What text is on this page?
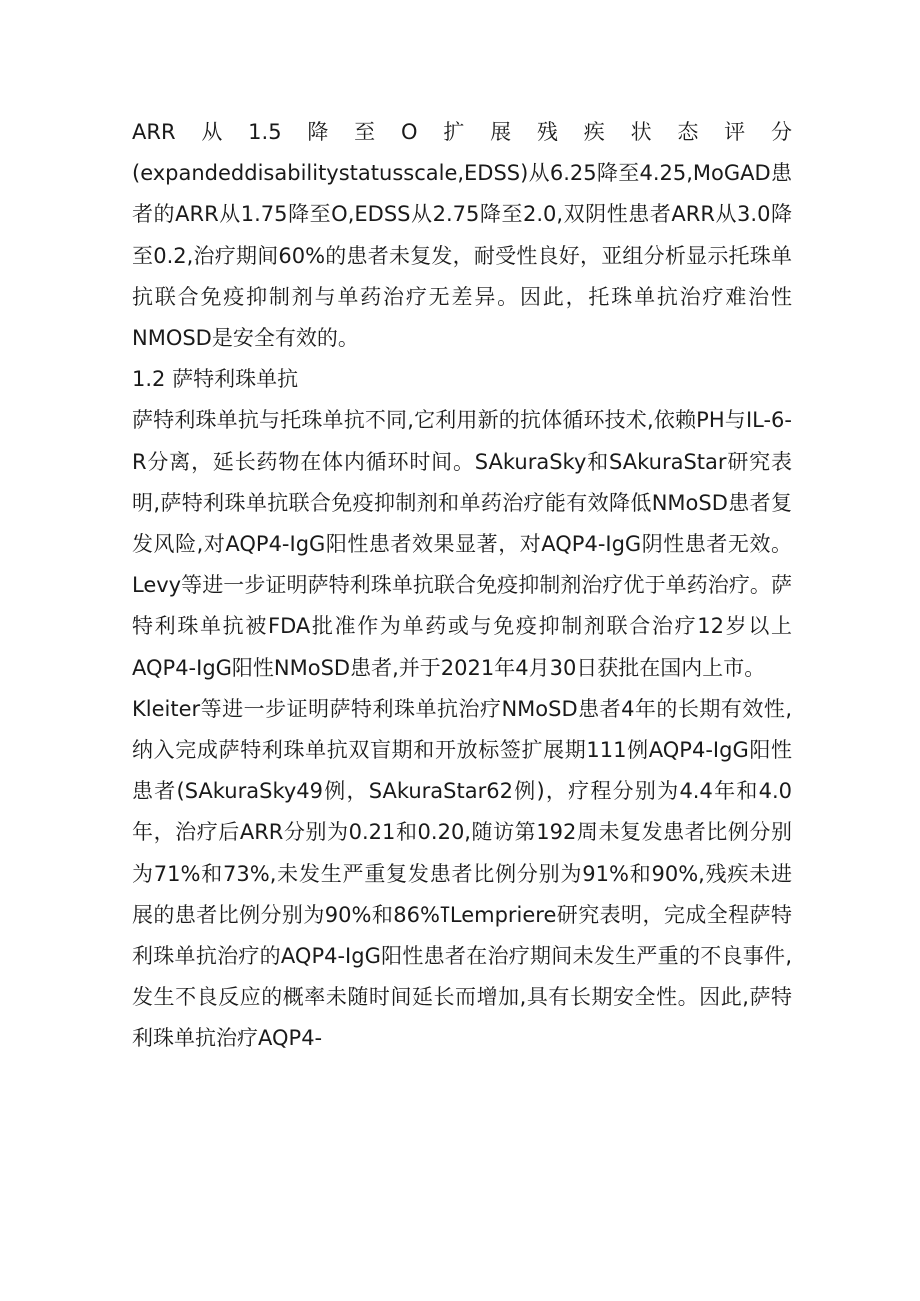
ARR从1.5降至O扩展残疾状态评分(expandeddisabilitystatusscale,EDSS)从6.25降至4.25,MoGAD患者的ARR从1.75降至O,EDSS从2.75降至2.0,双阴性患者ARR从3.0降至0.2,治疗期间60%的患者未复发，耐受性良好，亚组分析显示托珠单抗联合免疫抑制剂与单药治疗无差异。因此，托珠单抗治疗难治性NMOSD是安全有效的。

1.2 萨特利珠单抗

萨特利珠单抗与托珠单抗不同,它利用新的抗体循环技术,依赖PH与IL-6-R分离，延长药物在体内循环时间。SAkuraSky和SAkuraStar研究表明,萨特利珠单抗联合免疫抑制剂和单药治疗能有效降低NMoSD患者复发风险,对AQP4-IgG阳性患者效果显著，对AQP4-IgG阴性患者无效。Levy等进一步证明萨特利珠单抗联合免疫抑制剂治疗优于单药治疗。萨特利珠单抗被FDA批准作为单药或与免疫抑制剂联合治疗12岁以上AQP4-IgG阳性NMoSD患者,并于2021年4月30日获批在国内上市。

Kleiter等进一步证明萨特利珠单抗治疗NMoSD患者4年的长期有效性,纳入完成萨特利珠单抗双盲期和开放标签扩展期111例AQP4-IgG阳性患者(SAkuraSky49例，SAkuraStar62例)，疗程分别为4.4年和4.0年，治疗后ARR分别为0.21和0.20,随访第192周未复发患者比例分别为71%和73%,未发生严重复发患者比例分别为91%和90%,残疾未进展的患者比例分别为90%和86%ߠLempriere研究表明，完成全程萨特利珠单抗治疗的AQP4-IgG阳性患者在治疗期间未发生严重的不良事件,发生不良反应的概率未随时间延长而增加,具有长期安全性。因此,萨特利珠单抗治疗AQP4-
